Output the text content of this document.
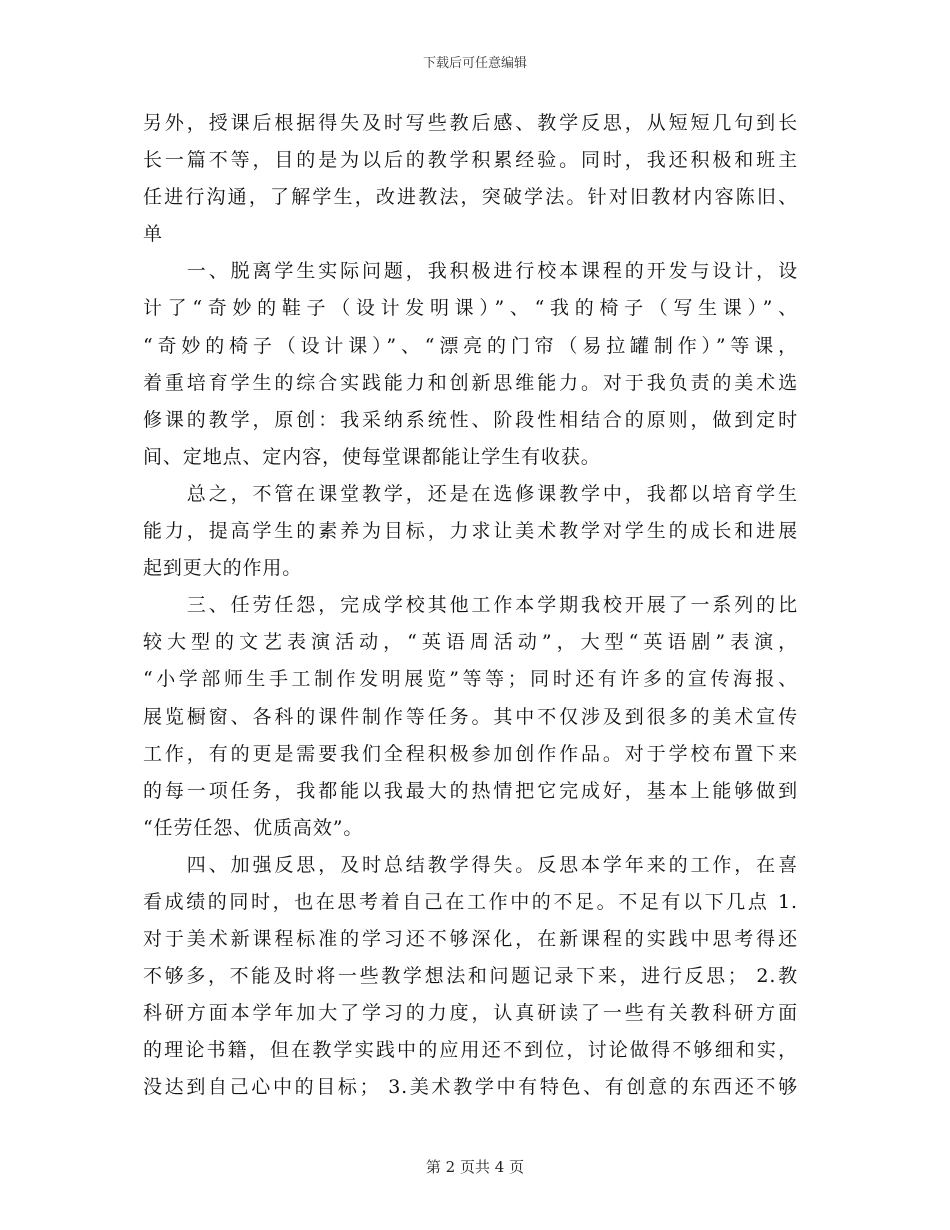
下载后可任意编辑
另外，授课后根据得失及时写些教后感、教学反思，从短短几句到长
长一篇不等，目的是为以后的教学积累经验。同时，我还积极和班主
任进行沟通，了解学生，改进教法，突破学法。针对旧教材内容陈旧、
单
　　一、脱离学生实际问题，我积极进行校本课程的开发与设计，设
计了“奇妙的鞋子（设计发明课）”、“我的椅子（写生课）”、
“奇妙的椅子（设计课）”、“漂亮的门帘（易拉罐制作）”等课，
着重培育学生的综合实践能力和创新思维能力。对于我负责的美术选
修课的教学，原创：我采纳系统性、阶段性相结合的原则，做到定时
间、定地点、定内容，使每堂课都能让学生有收获。
　　总之，不管在课堂教学，还是在选修课教学中，我都以培育学生
能力，提高学生的素养为目标，力求让美术教学对学生的成长和进展
起到更大的作用。
　　三、任劳任怨，完成学校其他工作本学期我校开展了一系列的比
较大型的文艺表演活动，“英语周活动”，大型“英语剧”表演，
“小学部师生手工制作发明展览”等等；同时还有许多的宣传海报、
展览橱窗、各科的课件制作等任务。其中不仅涉及到很多的美术宣传
工作，有的更是需要我们全程积极参加创作作品。对于学校布置下来
的每一项任务，我都能以我最大的热情把它完成好，基本上能够做到
“任劳任怨、优质高效”。
　　四、加强反思，及时总结教学得失。反思本学年来的工作，在喜
看成绩的同时，也在思考着自己在工作中的不足。不足有以下几点 1.
对于美术新课程标准的学习还不够深化，在新课程的实践中思考得还
不够多，不能及时将一些教学想法和问题记录下来，进行反思； 2.教
科研方面本学年加大了学习的力度，认真研读了一些有关教科研方面
的理论书籍，但在教学实践中的应用还不到位，讨论做得不够细和实，
没达到自己心中的目标； 3.美术教学中有特色、有创意的东西还不够
第 2 页共 4 页
